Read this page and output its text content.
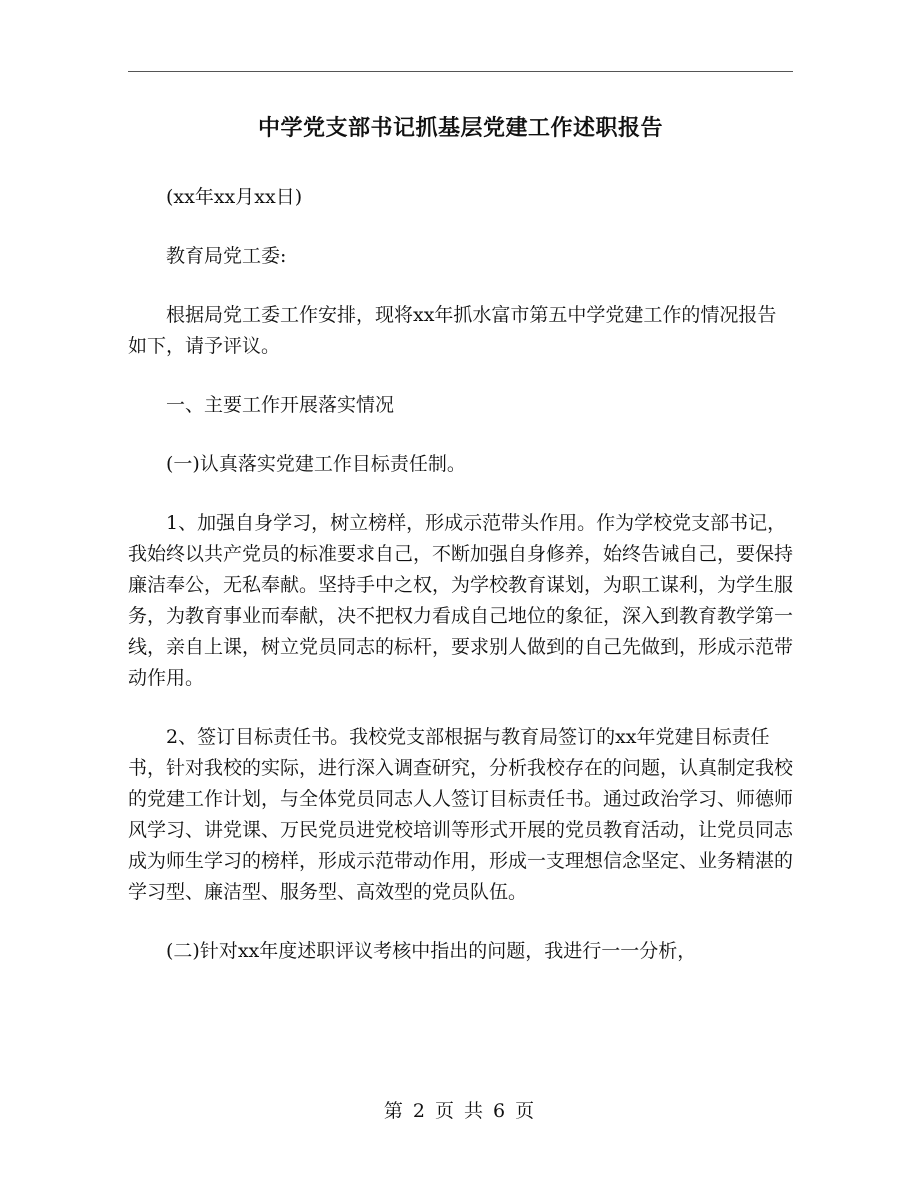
中学党支部书记抓基层党建工作述职报告

(xx年xx月xx日)

教育局党工委:

根据局党工委工作安排，现将xx年抓水富市第五中学党建工作的情况报告如下，请予评议。

一、主要工作开展落实情况

(一)认真落实党建工作目标责任制。

1、加强自身学习，树立榜样，形成示范带头作用。作为学校党支部书记，我始终以共产党员的标准要求自己，不断加强自身修养，始终告诫自己，要保持廉洁奉公，无私奉献。坚持手中之权，为学校教育谋划，为职工谋利，为学生服务，为教育事业而奉献，决不把权力看成自己地位的象征，深入到教育教学第一线，亲自上课，树立党员同志的标杆，要求别人做到的自己先做到，形成示范带动作用。

2、签订目标责任书。我校党支部根据与教育局签订的xx年党建目标责任书，针对我校的实际，进行深入调查研究，分析我校存在的问题，认真制定我校的党建工作计划，与全体党员同志人人签订目标责任书。通过政治学习、师德师风学习、讲党课、万民党员进党校培训等形式开展的党员教育活动，让党员同志成为师生学习的榜样，形成示范带动作用，形成一支理想信念坚定、业务精湛的学习型、廉洁型、服务型、高效型的党员队伍。

(二)针对xx年度述职评议考核中指出的问题，我进行一一分析，

第 2 页 共 6 页
